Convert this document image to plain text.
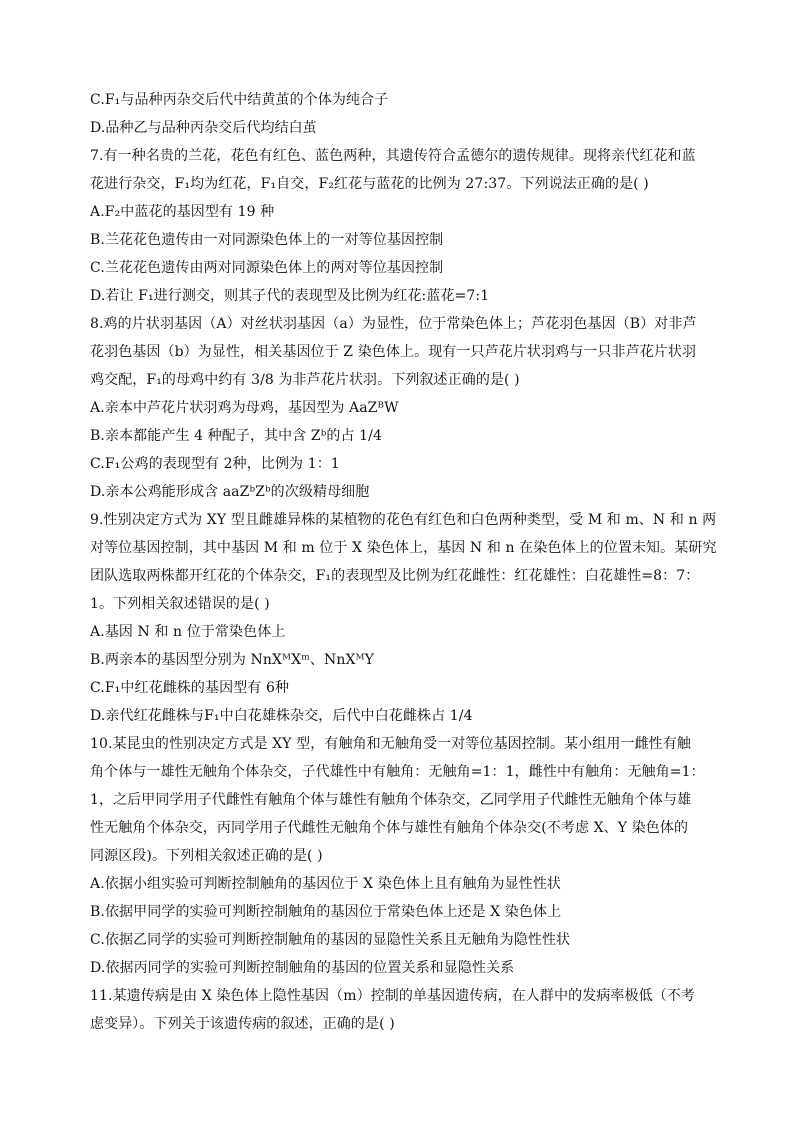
C.F₁与品种丙杂交后代中结黄茧的个体为纯合子
D.品种乙与品种丙杂交后代均结白茧
7.有一种名贵的兰花，花色有红色、蓝色两种，其遗传符合孟德尔的遗传规律。现将亲代红花和蓝
花进行杂交，F₁均为红花，F₁自交，F₂红花与蓝花的比例为 27:37。下列说法正确的是( )
A.F₂中蓝花的基因型有 19 种
B.兰花花色遗传由一对同源染色体上的一对等位基因控制
C.兰花花色遗传由两对同源染色体上的两对等位基因控制
D.若让 F₁进行测交，则其子代的表现型及比例为红花:蓝花=7:1
8.鸡的片状羽基因（A）对丝状羽基因（a）为显性，位于常染色体上；芦花羽色基因（B）对非芦
花羽色基因（b）为显性，相关基因位于 Z 染色体上。现有一只芦花片状羽鸡与一只非芦花片状羽
鸡交配，F₁的母鸡中约有 3/8 为非芦花片状羽。下列叙述正确的是( )
A.亲本中芦花片状羽鸡为母鸡，基因型为 AaZᴮW
B.亲本都能产生 4 种配子，其中含 Zᵇ的占 1/4
C.F₁公鸡的表现型有 2种，比例为 1：1
D.亲本公鸡能形成含 aaZᵇZᵇ的次级精母细胞
9.性别决定方式为 XY 型且雌雄异株的某植物的花色有红色和白色两种类型，受 M 和 m、N 和 n 两
对等位基因控制，其中基因 M 和 m 位于 X 染色体上，基因 N 和 n 在染色体上的位置未知。某研究
团队选取两株都开红花的个体杂交，F₁的表现型及比例为红花雌性：红花雄性：白花雄性=8：7：
1。下列相关叙述错误的是( )
A.基因 N 和 n 位于常染色体上
B.两亲本的基因型分别为 NnXᴹXᵐ、NnXᴹY
C.F₁中红花雌株的基因型有 6种
D.亲代红花雌株与F₁中白花雄株杂交，后代中白花雌株占 1/4
10.某昆虫的性别决定方式是 XY 型，有触角和无触角受一对等位基因控制。某小组用一雌性有触
角个体与一雄性无触角个体杂交，子代雄性中有触角：无触角=1：1，雌性中有触角：无触角=1：
1，之后甲同学用子代雌性有触角个体与雄性有触角个体杂交，乙同学用子代雌性无触角个体与雄
性无触角个体杂交，丙同学用子代雌性无触角个体与雄性有触角个体杂交(不考虑 X、Y 染色体的
同源区段)。下列相关叙述正确的是( )
A.依据小组实验可判断控制触角的基因位于 X 染色体上且有触角为显性性状
B.依据甲同学的实验可判断控制触角的基因位于常染色体上还是 X 染色体上
C.依据乙同学的实验可判断控制触角的基因的显隐性关系且无触角为隐性性状
D.依据丙同学的实验可判断控制触角的基因的位置关系和显隐性关系
11.某遗传病是由 X 染色体上隐性基因（m）控制的单基因遗传病，在人群中的发病率极低（不考
虑变异）。下列关于该遗传病的叙述，正确的是( )
